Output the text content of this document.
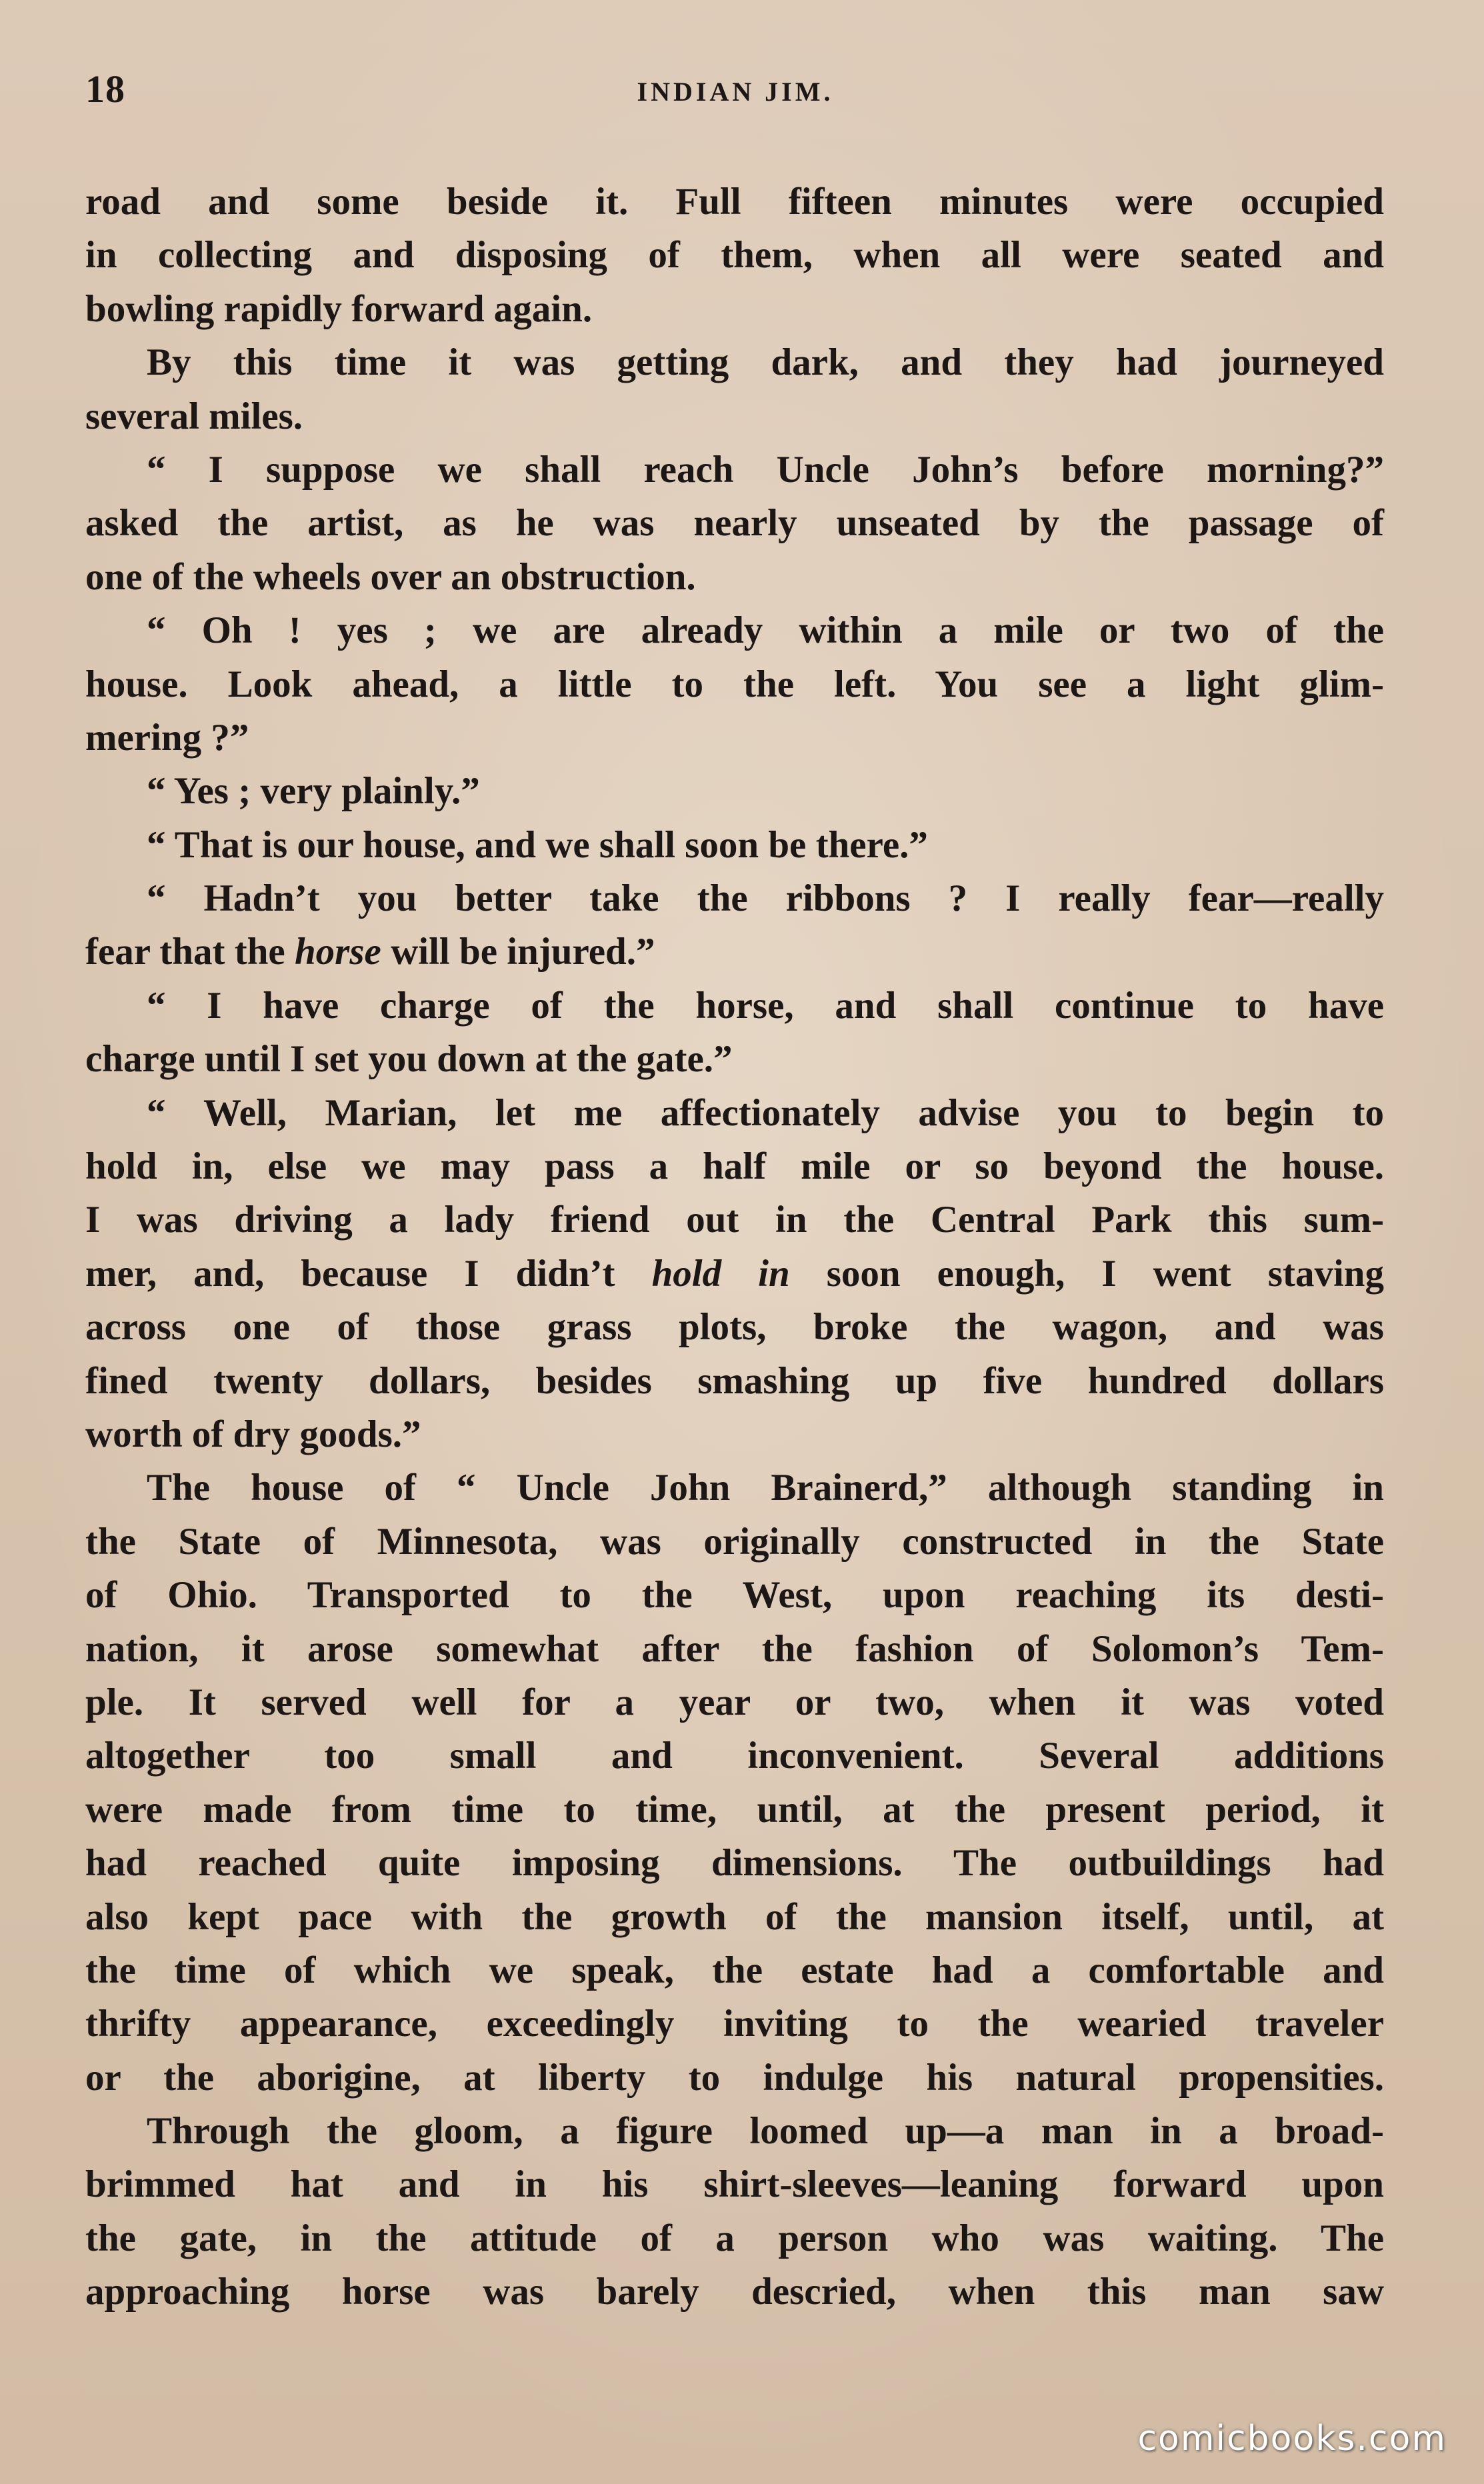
18	INDIAN JIM.
road and some beside it. Full fifteen minutes were occupied
in collecting and disposing of them, when all were seated and
bowling rapidly forward again.
By this time it was getting dark, and they had journeyed
several miles.
“ I suppose we shall reach Uncle John’s before morning?”
asked the artist, as he was nearly unseated by the passage of
one of the wheels over an obstruction.
“ Oh ! yes ; we are already within a mile or two of the
house. Look ahead, a little to the left. You see a light glim-
mering ?”
“ Yes ; very plainly.”
“ That is our house, and we shall soon be there.”
“ Hadn’t you better take the ribbons ? I really fear—really
fear that the horse will be injured.”
“ I have charge of the horse, and shall continue to have
charge until I set you down at the gate.”
“ Well, Marian, let me affectionately advise you to begin to
hold in, else we may pass a half mile or so beyond the house.
I was driving a lady friend out in the Central Park this sum-
mer, and, because I didn’t hold in soon enough, I went staving
across one of those grass plots, broke the wagon, and was
fined twenty dollars, besides smashing up five hundred dollars
worth of dry goods.”
The house of “ Uncle John Brainerd,” although standing in
the State of Minnesota, was originally constructed in the State
of Ohio. Transported to the West, upon reaching its desti-
nation, it arose somewhat after the fashion of Solomon’s Tem-
ple. It served well for a year or two, when it was voted
altogether too small and inconvenient. Several additions
were made from time to time, until, at the present period, it
had reached quite imposing dimensions. The outbuildings had
also kept pace with the growth of the mansion itself, until, at
the time of which we speak, the estate had a comfortable and
thrifty appearance, exceedingly inviting to the wearied traveler
or the aborigine, at liberty to indulge his natural propensities.
Through the gloom, a figure loomed up—a man in a broad-
brimmed hat and in his shirt-sleeves—leaning forward upon
the gate, in the attitude of a person who was waiting. The
approaching horse was barely descried, when this man saw
comicbooks.com
